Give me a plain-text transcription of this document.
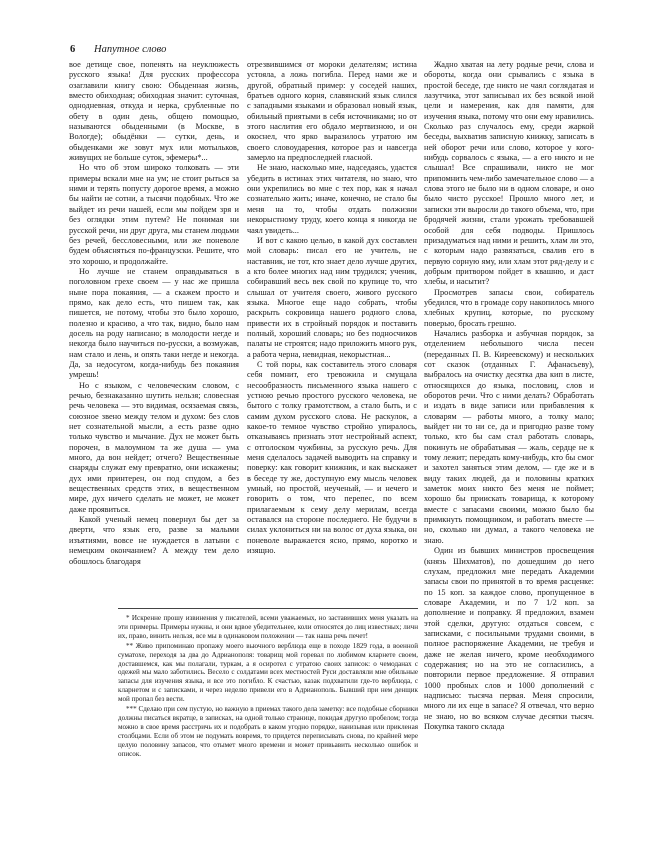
6 Напутное слово

вое детище свое, попенять на неуклюжесть русского языка! Для русских профессора озаглавили книгу свою: Обыденная жизнь, вместо обиходная; обиходная значит: суточная, однодневная, откуда и нерка, срубленные по обету в один день, общею помощью, называются обыденными (в Москве, в Вологде); обыдёнки — сутки, день, и обыденками же зовут мух или мотыльков, живущих не больше суток, эфемеры*...

Но что об этом широко толковать — эти примеры вскали мне на ум; не стоит рыться за ними и терять попусту дорогое время, а можно бы найти не сотни, а тысячи подобных. Что же выйдет из речи нашей, если мы пойдем зря и без оглядки этим путем? Не понимая ни русской речи, ни друг друга, мы станем людьми без речей, бессловесными, или же поневоле будем объясняться по-французски. Решите, что это хорошо, и продолжайте.

Но лучше не станем оправдываться в поголовном грехе своем — у нас же пришла ныне пора покаяния, — а скажем просто и прямо, как дело есть, что пишем так, как пишется, не потому, чтобы это было хорошо, полезно и красиво, а что так, видно, было нам досель на роду написано; в молодости негде и некогда было научиться по-русски, а возмужав, нам стало и лень, и опять таки негде и некогда. Да, за недосугом, когда-нибудь без покаяния умрешь!

Но с языком, с человеческим словом, с речью, безнаказанно шутить нельзя; словесная речь человека — это видимая, осязаемая связь, союзное звено между телом и духом: без слов нет сознательной мысли, а есть разве одно только чувство и мычание. Дух не может быть порочен, в малоумном та же душа — ума много, да вон нейдет; отчего? Вещественные снаряды служат ему превратно, они искажены; дух ими принтерен, он под спудом, а без вещественных средств этих, в вещественном мире, дух ничего сделать не может, не может даже проявиться.

Какой ученый немец повернул бы дет за дверти, что язык его, разве за малыми изъятиями, вовсе не нуждается в латыни с немецким окончанием? А между тем дело обошлось благодаря

отрезвившимся от мороки делателям; истина устояла, а ложь погибла. Перед нами же и другой, обратный пример: у соседей наших, братьев одного корня, славянский язык слился с западными языками и образовал новый язык, обильный приятыми в себя источниками; но от этого наслития его обдало мертвизною, и он окоснел, что ярко выразилось утратою им своего словоударения, которое раз и навсегда замерло на предпоследней гласной.

Не знаю, насколько мне, надседаясь, удастся убедить в истинах этих читателя, но знаю, что они укрепились во мне с тех пор, как я начал сознательно жить; иначе, конечно, не стало бы меня на то, чтобы отдать полжизни некорыстному труду, коего конца я никогда не чаял увидеть...

И вот с какою целью, в какой дух составлен мой словарь: писал его не учитель, не наставник, не тот, кто знает дело лучше других, а кто более многих над ним трудился; ученик, собиравший весь век свой по крупице то, что слышал от учителя своего, живого русского языка. Многое еще надо собрать, чтобы раскрыть сокровища нашего родного слова, привести их в стройный порядок и поставить полный, хороший словарь; но без подносчиков палаты не строятся; надо приложить много рук, а работа черна, невидная, некорыстная...

С той поры, как составитель этого словаря себя помнит, его тревожила и смущала несообразность письменного языка нашего с устною речью простого русского человека, не бытого с толку грамотством, а стало быть, и с самим духом русского слова. Не раскулок, а какое-то темное чувство стройно упиралось, отказываясь признать этот нестройный аспект, с отголоском чужбины, за русскую речь. Для меня сделалось задачей выводить на справку и поверку: как говорит книжник, и как выскажет в беседе ту же, доступную ему мысль человек умный, но простой, неученый, — и нечего и говорить о том, что перепес, по всем прилагаемым к сему делу мерилам, всегда оставался на стороне последнего. Не будучи в силах уклониться ни на волос от духа языка, он поневоле выражается ясно, прямо, коротко и изящно.

Жадно хватая на лету родные речи, слова и обороты, когда они срывались с языка в простой беседе, где никто не чаял соглядатая и лазутчика, этот записывал их без всякой иной цели и намерения, как для памяти, для изучения языка, потому что они ему нравились. Сколько раз случалось ему, среди жаркой беседы, выхватив записную книжку, записать в ней оборот речи или слово, которое у кого-нибудь сорвалось с языка, — а его никто и не слышал! Все спрашивали, никто не мог припомнить чем-либо замечательное слово — а слова этого не было ни в одном словаре, и оно было чисто русское! Прошло много лет, и записки эти выросли до такого объема, что, при бродячей жизни, стали урожать требовавшей особой для себя подводы. Пришлось призадуматься над ними и решить, хлам ли это, с которым надо развязаться, свалив его в первую сорную яму, или хлам этот ряд-делу и с добрым притвором пойдет в квашню, и даст хлебы, и насытит?

Просмотрев запасы свои, собиратель убедился, что в громаде сору накопилось много хлебных крупиц, которые, по русскому поверью, бросать грешно.

Начались разборка и азбучная порядок, за отделением небольшого числа песен (переданных П. В. Киреевскому) и нескольких сот сказок (отданных Г. Афанасьеву), выбралось на очистку десятка два кип в листе, относящихся до языка, пословиц, слов и оборотов речи. Что с ними делать? Обработать и издать в виде записи или прибавления к словарям — работы много, а толку мало; выйдет ни то ни се, да и пригодно разве тому только, кто бы сам стал работать словарь, покинуть не обрабатывая — жаль, сердце не к тому лежит; передать кому-нибудь, кто бы смог и захотел заняться этим делом, — где же и в виду таких людей, да и половины кратких заметок моих никто без меня не поймет; хорошо бы приискать товарища, к которому вместе с запасами своими, можно было бы примкнуть помощником, и работать вместе — но, сколько ни думал, а такого человека не знаю.

Один из бывших министров просвещения (князь Шихматов), по дошедшим до него слухам, предложил мне передать Академии запасы свои по принятой в то время расценке: по 15 коп. за каждое слово, пропущенное в словаре Академии, и по 7 1/2 коп. за дополнение и поправку. Я предложил, взамен этой сделки, другую: отдаться совсем, с записками, с посильными трудами своими, в полное распоряжение Академии, не требуя и даже не желая ничего, кроме необходимого содержания; но на это не согласились, а повторили первое предложение. Я отправил 1000 пробных слов и 1000 дополнений с надписью: тысяча первая. Меня спросили, много ли их еще в запасе? Я отвечал, что верно не знаю, но во всяком случае десятки тысяч. Покупка такого склада

* Искренне прошу извинения у писателей, всеми уважаемых, но заставивших меня указать на эти примеры. Примеры нужны, и они вдвое убедительнее, коли относятся до лиц известных; личн их, право, винить нельзя, все мы в одинаковом положении — так наша речь печет!

** Живо припоминаю пропажу моего вьючного верблюда еще в походе 1829 года, в военной суматохе, переходя за два до Адрианополя: товарищ мой горевал по любимом кларнете своем, доставшемся, как мы полагали, туркам, а я осиротел с утратою своих записок: о чемоданах с одежей мы мало заботились. Весело с солдатами всех местностей Руси доставляли мне обильные запасы для изучения языка, и все это погибло. К счастью, казак подхватили где-то верблюда, с кларнетом и с записками, и через неделю привели его в Адрианополь. Бывший при нем денщик мой пропал без вести.

*** Сделаю при сем пустую, но важную в приемах такого дела заметку: все подобные сборники должны писаться вкратце, в записках, на одной только странице, покидая другую пробелом; тогда можно в свое время расстричь их и подобрать в каком угодно порядке, нанизывая или прикленая столбцами. Если об этом не подумать вовремя, то придется переписывать снова, по крайней мере целую половину запасов, что отымет много времени и может привьавить несколько ошибок и описок.
